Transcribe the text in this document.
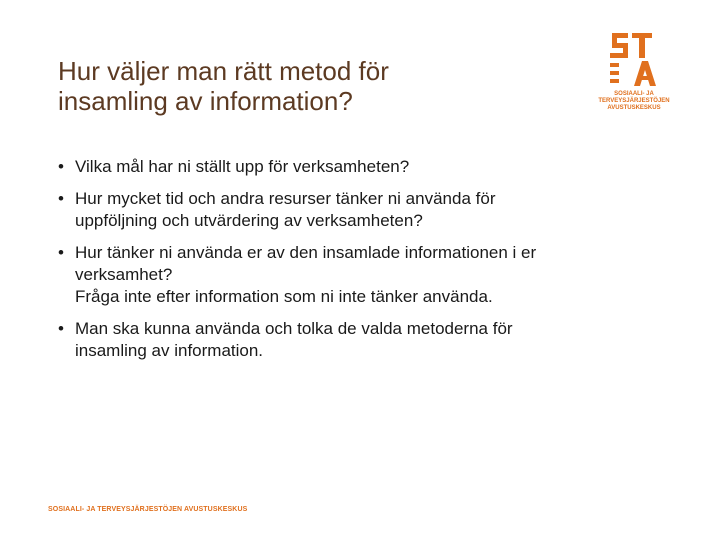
Hur väljer man rätt metod för
insamling av information?	SOSIAALI- JA
TERVEYSJÄRJESTÖJEN
AVUSTUSKESKUS
• Vilka mål har ni ställt upp för verksamheten?
• Hur mycket tid och andra resurser tänker ni använda för
uppföljning och utvärdering av verksamheten?
• Hur tänker ni använda er av den insamlade informationen i er
verksamhet?
Fråga inte efter information som ni inte tänker använda.
• Man ska kunna använda och tolka de valda metoderna för
insamling av information.
SOSIAALI- JA TERVEYSJÄRJESTÖJEN AVUSTUSKESKUS
